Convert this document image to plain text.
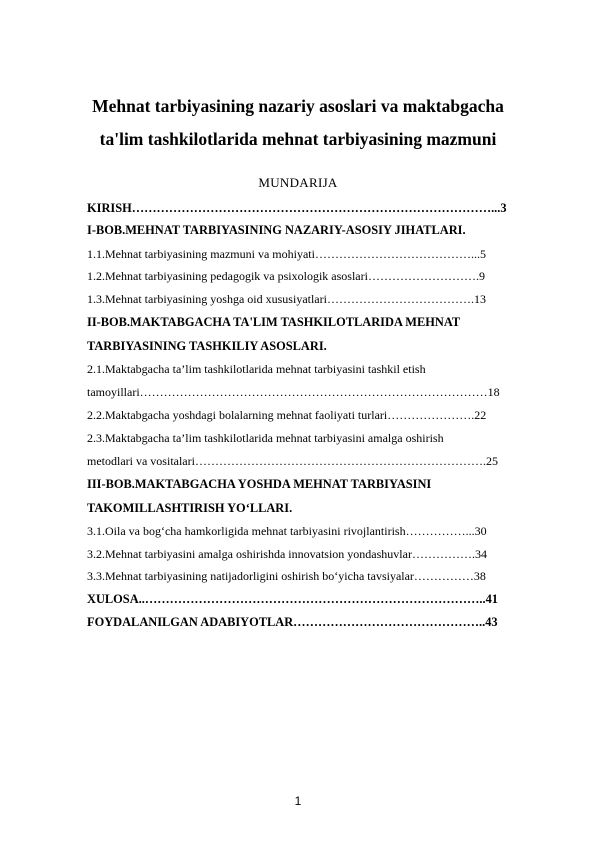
Mehnat tarbiyasining nazariy asoslari va maktabgacha
ta'lim tashkilotlarida mehnat tarbiyasining mazmuni
MUNDARIJA
KIRISH……………………………………………………………………………...3
I-BOB.MEHNAT TARBIYASINING NAZARIY-ASOSIY JIHATLARI.
1.1.Mehnat tarbiyasining mazmuni va mohiyati…………………………………...5
1.2.Mehnat tarbiyasining pedagogik va psixologik asoslari……………………….9
1.3.Mehnat tarbiyasining yoshga oid xususiyatlari……………………………….13
II-BOB.MAKTABGACHA TA'LIM TASHKILOTLARIDA MEHNAT
TARBIYASINING TASHKILIY ASOSLARI.
2.1.Maktabgacha ta’lim tashkilotlarida mehnat tarbiyasini tashkil etish
tamoyillari……………………………………………………………………………18
2.2.Maktabgacha yoshdagi bolalarning mehnat faoliyati turlari………………….22
2.3.Maktabgacha ta’lim tashkilotlarida mehnat tarbiyasini amalga oshirish
metodlari va vositalari……………………………………………………………….25
III-BOB.MAKTABGACHA YOSHDA MEHNAT TARBIYASINI
TAKOMILLASHTIRISH YO‘LLARI.
3.1.Oila va bog‘cha hamkorligida mehnat tarbiyasini rivojlantirish……………...30
3.2.Mehnat tarbiyasini amalga oshirishda innovatsion yondashuvlar…………….34
3.3.Mehnat tarbiyasining natijadorligini oshirish bo‘yicha tavsiyalar……………38
XULOSA..………………………………………………………………………..41
FOYDALANILGAN ADABIYOTLAR………………………………………..43
1
